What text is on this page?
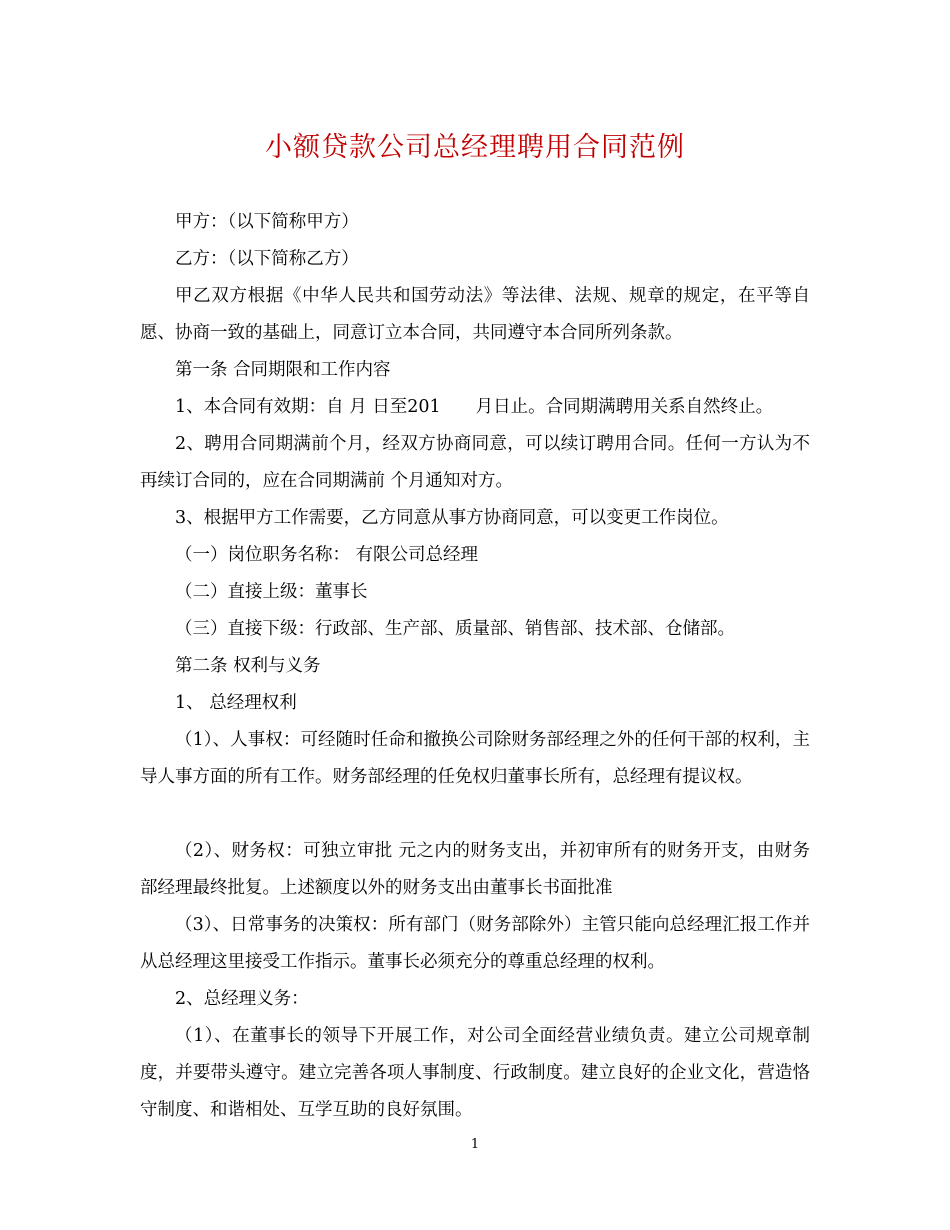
小额贷款公司总经理聘用合同范例
甲方：（以下简称甲方）
乙方：（以下简称乙方）
甲乙双方根据《中华人民共和国劳动法》等法律、法规、规章的规定，在平等自愿、协商一致的基础上，同意订立本合同，共同遵守本合同所列条款。
第一条 合同期限和工作内容
1、本合同有效期：自 月 日至201　　月日止。合同期满聘用关系自然终止。
2、聘用合同期满前个月，经双方协商同意，可以续订聘用合同。任何一方认为不再续订合同的，应在合同期满前 个月通知对方。
3、根据甲方工作需要，乙方同意从事方协商同意，可以变更工作岗位。
（一）岗位职务名称： 有限公司总经理
（二）直接上级：董事长
（三）直接下级：行政部、生产部、质量部、销售部、技术部、仓储部。
第二条 权利与义务
1、 总经理权利
（1）、人事权：可经随时任命和撤换公司除财务部经理之外的任何干部的权利，主导人事方面的所有工作。财务部经理的任免权归董事长所有，总经理有提议权。
（2）、财务权：可独立审批 元之内的财务支出，并初审所有的财务开支，由财务部经理最终批复。上述额度以外的财务支出由董事长书面批准
（3）、日常事务的决策权：所有部门（财务部除外）主管只能向总经理汇报工作并从总经理这里接受工作指示。董事长必须充分的尊重总经理的权利。
2、总经理义务：
（1）、在董事长的领导下开展工作，对公司全面经营业绩负责。建立公司规章制度，并要带头遵守。建立完善各项人事制度、行政制度。建立良好的企业文化，营造恪守制度、和谐相处、互学互助的良好氛围。
1
